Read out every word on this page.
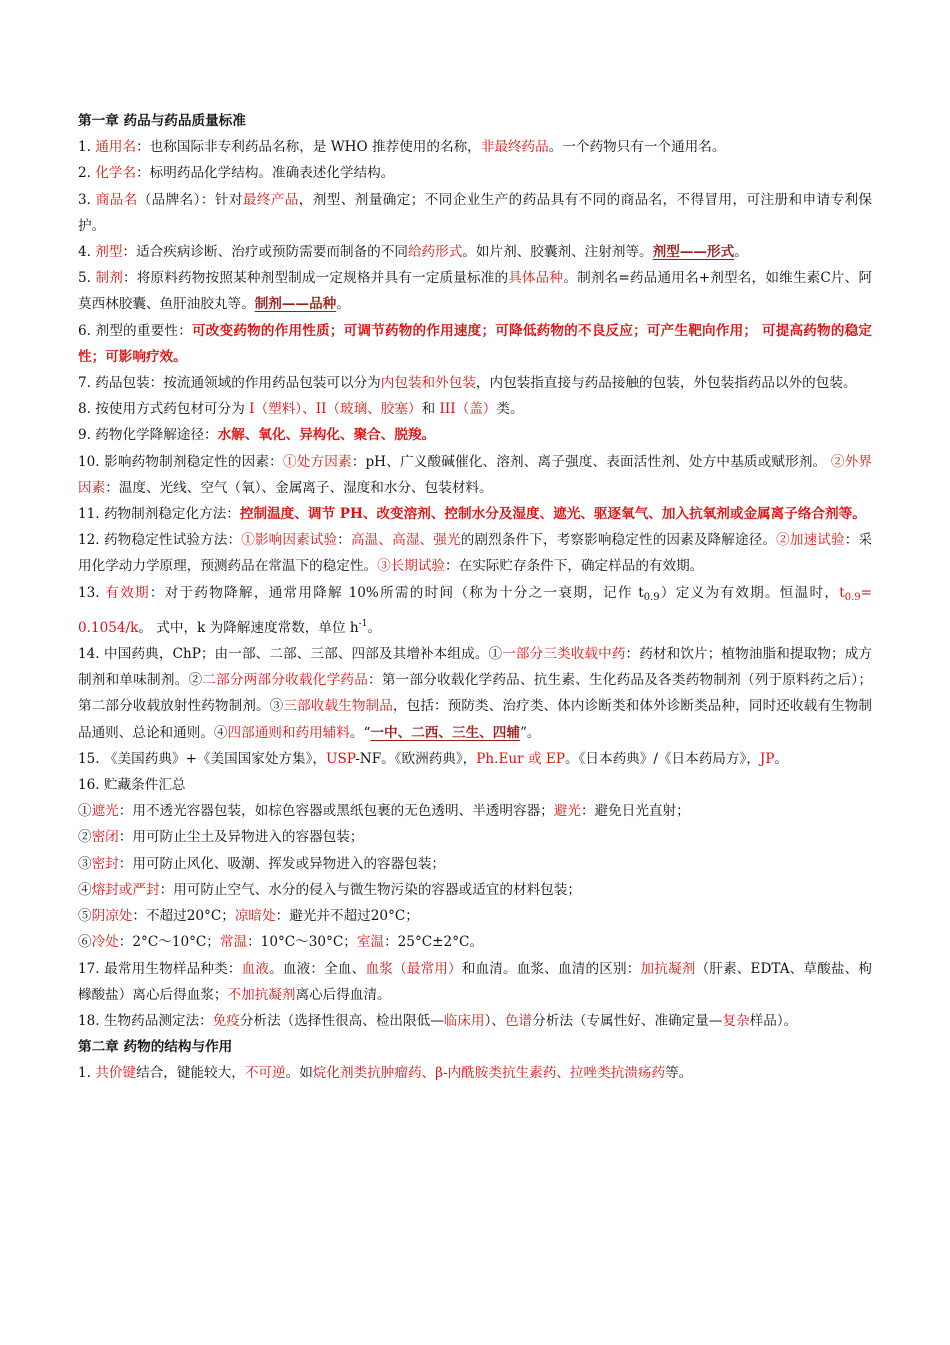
第一章 药品与药品质量标准

1. 通用名：也称国际非专利药品名称，是 WHO 推荐使用的名称，非最终药品。一个药物只有一个通用名。

2. 化学名：标明药品化学结构。准确表述化学结构。

3. 商品名（品牌名）：针对最终产品，剂型、剂量确定；不同企业生产的药品具有不同的商品名，不得冒用，可注册和申请专利保护。

4. 剂型：适合疾病诊断、治疗或预防需要而制备的不同给药形式。如片剂、胶囊剂、注射剂等。剂型——形式。

5. 制剂：将原料药物按照某种剂型制成一定规格并具有一定质量标准的具体品种。制剂名=药品通用名+剂型名，如维生素C片、阿莫西林胶囊、鱼肝油胶丸等。制剂——品种。

6. 剂型的重要性：可改变药物的作用性质；可调节药物的作用速度；可降低药物的不良反应；可产生靶向作用； 可提高药物的稳定性；可影响疗效。

7. 药品包装：按流通领域的作用药品包装可以分为内包装和外包装，内包装指直接与药品接触的包装，外包装指药品以外的包装。

8. 按使用方式药包材可分为 I（塑料）、II（玻璃、胶塞）和 III（盖）类。

9. 药物化学降解途径：水解、氧化、异构化、聚合、脱羧。

10. 影响药物制剂稳定性的因素：①处方因素：pH、广义酸碱催化、溶剂、离子强度、表面活性剂、处方中基质或赋形剂。 ②外界因素：温度、光线、空气（氧）、金属离子、湿度和水分、包装材料。

11. 药物制剂稳定化方法：控制温度、调节 PH、改变溶剂、控制水分及湿度、遮光、驱逐氧气、加入抗氧剂或金属离子络合剂等。

12. 药物稳定性试验方法：①影响因素试验：高温、高湿、强光的剧烈条件下，考察影响稳定性的因素及降解途径。②加速试验：采用化学动力学原理，预测药品在常温下的稳定性。③长期试验：在实际贮存条件下，确定样品的有效期。

13. 有效期：对于药物降解，通常用降解 10%所需的时间（称为十分之一衰期，记作 $t_{0.9}$）定义为有效期。恒温时，$t_{0.9}= 0.1054/k$。 式中，k 为降解速度常数，单位 $h^{-1}$。

14. 中国药典，ChP；由一部、二部、三部、四部及其增补本组成。①一部分三类收载中药：药材和饮片；植物油脂和提取物；成方制剂和单味制剂。②二部分两部分收载化学药品：第一部分收载化学药品、抗生素、生化药品及各类药物制剂（列于原料药之后）；第二部分收载放射性药物制剂。③三部收载生物制品，包括：预防类、治疗类、体内诊断类和体外诊断类品种，同时还收载有生物制品通则、总论和通则。④四部通则和药用辅料。“一中、二西、三生、四辅”。

15. 《美国药典》+《美国国家处方集》，USP-NF。《欧洲药典》，Ph.Eur 或 EP。《日本药典》/《日本药局方》，JP。

16. 贮藏条件汇总

①遮光：用不透光容器包装，如棕色容器或黑纸包裹的无色透明、半透明容器；避光：避免日光直射；

②密闭：用可防止尘土及异物进入的容器包装；

③密封：用可防止风化、吸潮、挥发或异物进入的容器包装；

④熔封或严封：用可防止空气、水分的侵入与微生物污染的容器或适宜的材料包装；

⑤阴凉处：不超过20°C；凉暗处：避光并不超过20°C；

⑥冷处：2°C～10°C；常温：10°C～30°C；室温：25°C±2°C。

17. 最常用生物样品种类：血液。血液：全血、血浆（最常用）和血清。血浆、血清的区别：加抗凝剂（肝素、EDTA、草酸盐、枸橼酸盐）离心后得血浆；不加抗凝剂离心后得血清。

18. 生物药品测定法：免疫分析法（选择性很高、检出限低—临床用）、色谱分析法（专属性好、准确定量—复杂样品）。

第二章 药物的结构与作用

1. 共价键结合，键能较大，不可逆。如烷化剂类抗肿瘤药、β-内酰胺类抗生素药、拉唑类抗溃疡药等。
